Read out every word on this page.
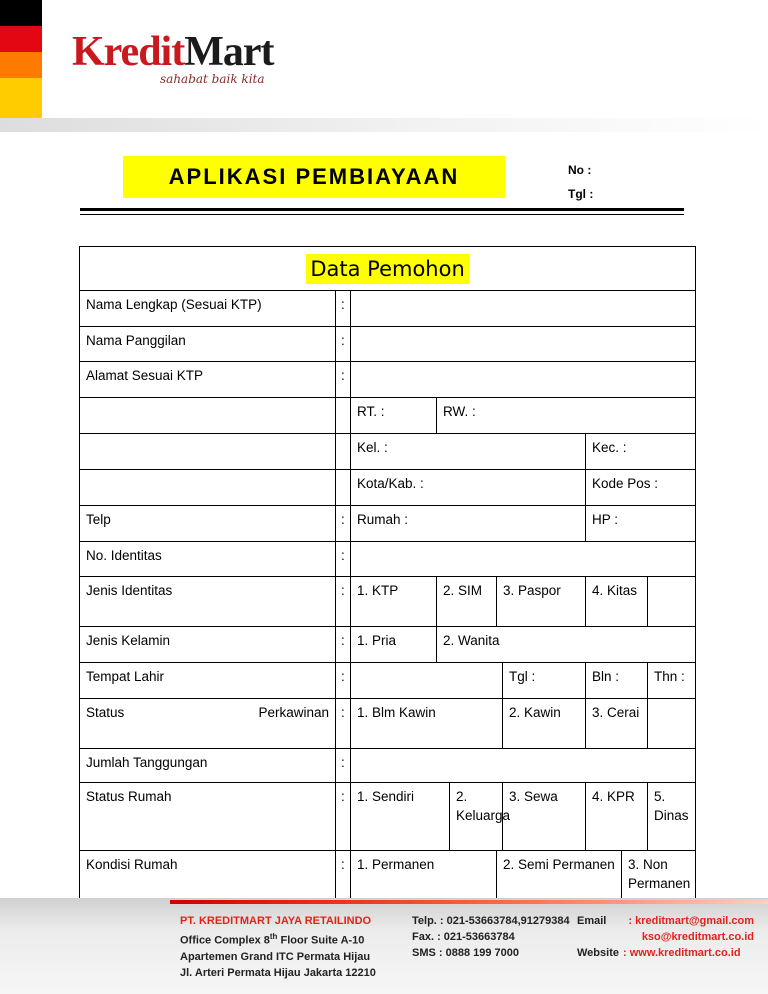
KreditMart
sahabat baik kita
APLIKASI PEMBIAYAAN	No :
Tgl :
Data Pemohon									
Nama Lengkap (Sesuai KTP)	:								
Nama Panggilan	:								
Alamat Sesuai KTP	:								
		RT. :	RW. :						
		Kel. :					Kec. :		
		Kota/Kab. :					Kode Pos :		
Telp	:	Rumah :					HP :		
No. Identitas	:								
Jenis Identitas	:	1. KTP	2. SIM		3. Paspor		4. Kitas		
Jenis Kelamin	:	1. Pria	2. Wanita						
Tempat Lahir	:					Tgl :	Bln :		Thn :

Status Perkawinan	:	1. Blm Kawin				2. Kawin	3. Cerai		
Jumlah Tanggungan	:								
Status Rumah	:	1. Sendiri		2. Keluarga		3. Sewa	4. KPR		5. Dinas
Kondisi Rumah	:	1. Permanen			2. Semi Permanen			3. Non Permanen	
PT. KREDITMART JAYA RETAILINDO
Office Complex 8th Floor Suite A-10
Apartemen Grand ITC Permata Hijau
Jl. Arteri Permata Hijau Jakarta 12210
Telp. : 021-53663784,91279384
Fax. : 021-53663784
SMS : 0888 199 7000
Email : kreditmart@gmail.com
kso@kreditmart.co.id
Website : www.kreditmart.co.id
